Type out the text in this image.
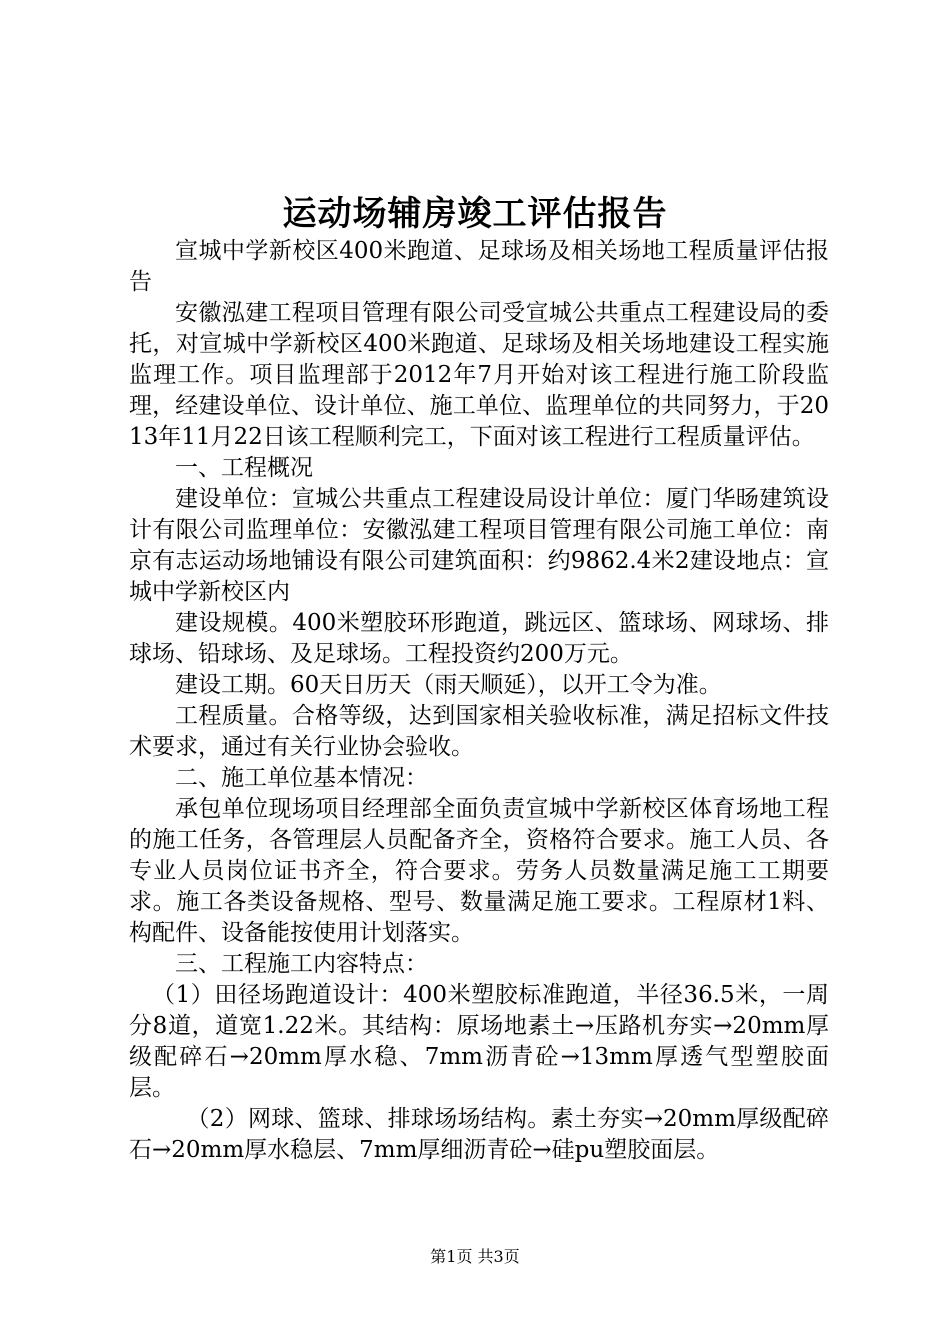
运动场辅房竣工评估报告

宣城中学新校区400米跑道、足球场及相关场地工程质量评估报告

安徽泓建工程项目管理有限公司受宣城公共重点工程建设局的委托，对宣城中学新校区400米跑道、足球场及相关场地建设工程实施监理工作。项目监理部于2012年7月开始对该工程进行施工阶段监理，经建设单位、设计单位、施工单位、监理单位的共同努力，于2013年11月22日该工程顺利完工，下面对该工程进行工程质量评估。

一、工程概况

建设单位：宣城公共重点工程建设局设计单位：厦门华旸建筑设计有限公司监理单位：安徽泓建工程项目管理有限公司施工单位：南京有志运动场地铺设有限公司建筑面积：约9862.4米2建设地点：宣城中学新校区内

建设规模。400米塑胶环形跑道，跳远区、篮球场、网球场、排球场、铅球场、及足球场。工程投资约200万元。

建设工期。60天日历天（雨天顺延），以开工令为准。

工程质量。合格等级，达到国家相关验收标准，满足招标文件技术要求，通过有关行业协会验收。

二、施工单位基本情况：

承包单位现场项目经理部全面负责宣城中学新校区体育场地工程的施工任务，各管理层人员配备齐全，资格符合要求。施工人员、各专业人员岗位证书齐全，符合要求。劳务人员数量满足施工工期要求。施工各类设备规格、型号、数量满足施工要求。工程原材1料、构配件、设备能按使用计划落实。

三、工程施工内容特点：

（1）田径场跑道设计：400米塑胶标准跑道，半径36.5米，一周分8道，道宽1.22米。其结构：原场地素土→压路机夯实→20mm厚级配碎石→20mm厚水稳、7mm沥青砼→13mm厚透气型塑胶面层。

（2）网球、篮球、排球场场结构。素土夯实→20mm厚级配碎石→20mm厚水稳层、7mm厚细沥青砼→硅pu塑胶面层。

第1页 共3页
